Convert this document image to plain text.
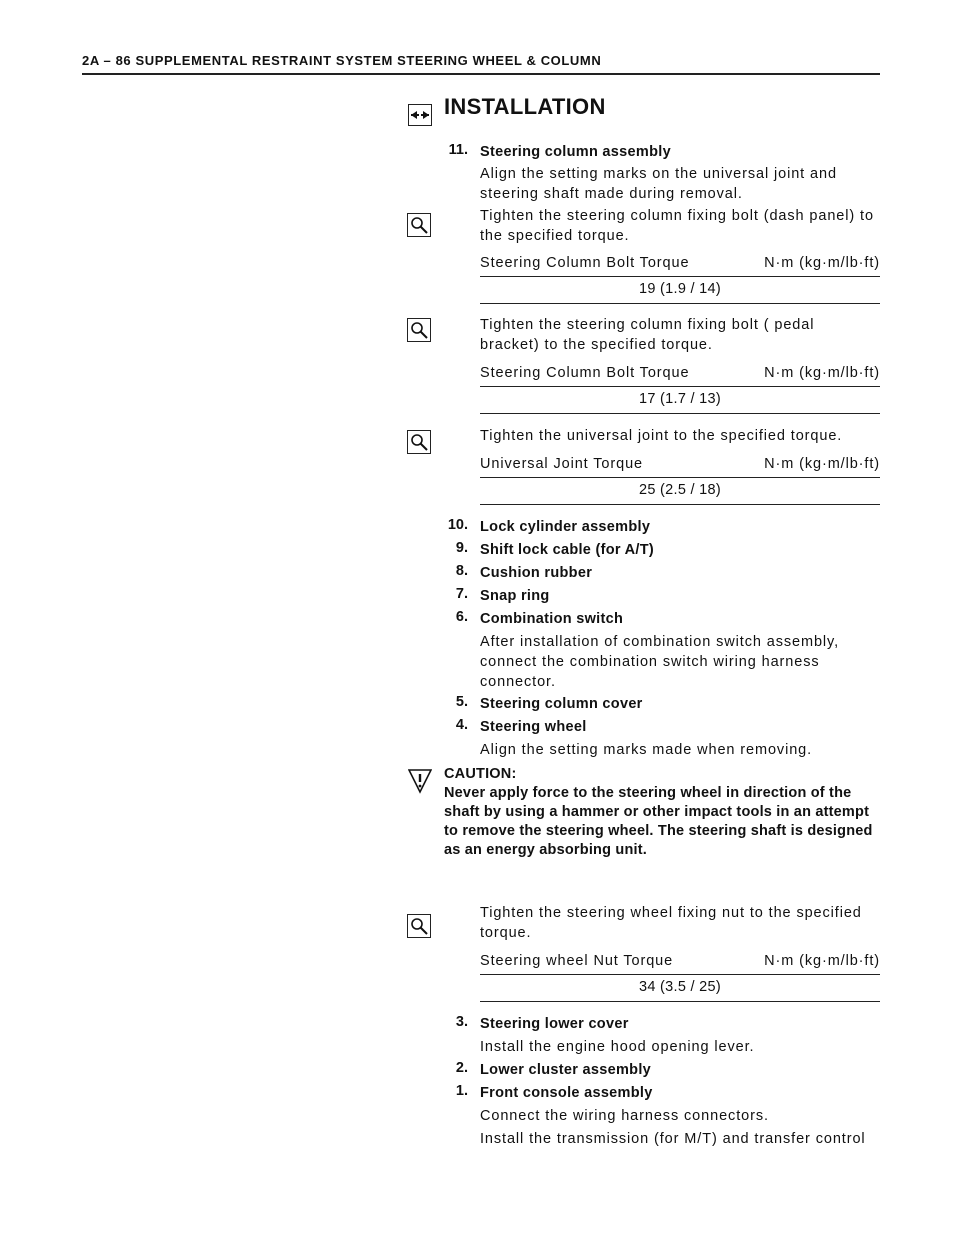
2A – 86 SUPPLEMENTAL RESTRAINT SYSTEM STEERING WHEEL & COLUMN
INSTALLATION
11. Steering column assembly
Align the setting marks on the universal joint and steering shaft made during removal.
Tighten the steering column fixing bolt (dash panel) to the specified torque.
Steering Column Bolt Torque	N·m (kg·m/lb·ft)
19 (1.9 / 14)
Tighten the steering column fixing bolt ( pedal bracket) to the specified torque.
Steering Column Bolt Torque	N·m (kg·m/lb·ft)
17 (1.7 / 13)
Tighten the universal joint to the specified torque.
Universal Joint Torque	N·m (kg·m/lb·ft)
25 (2.5 / 18)
10. Lock cylinder assembly
9. Shift lock cable (for A/T)
8. Cushion rubber
7. Snap ring
6. Combination switch
After installation of combination switch assembly, connect the combination switch wiring harness connector.
5. Steering column cover
4. Steering wheel
Align the setting marks made when removing.
CAUTION:
Never apply force to the steering wheel in direction of the shaft by using a hammer or other impact tools in an attempt to remove the steering wheel. The steering shaft is designed as an energy absorbing unit.
Tighten the steering wheel fixing nut to the specified torque.
Steering wheel Nut Torque	N·m (kg·m/lb·ft)
34 (3.5 / 25)
3. Steering lower cover
Install the engine hood opening lever.
2. Lower cluster assembly
1. Front console assembly
Connect the wiring harness connectors.
Install the transmission (for M/T) and transfer control
